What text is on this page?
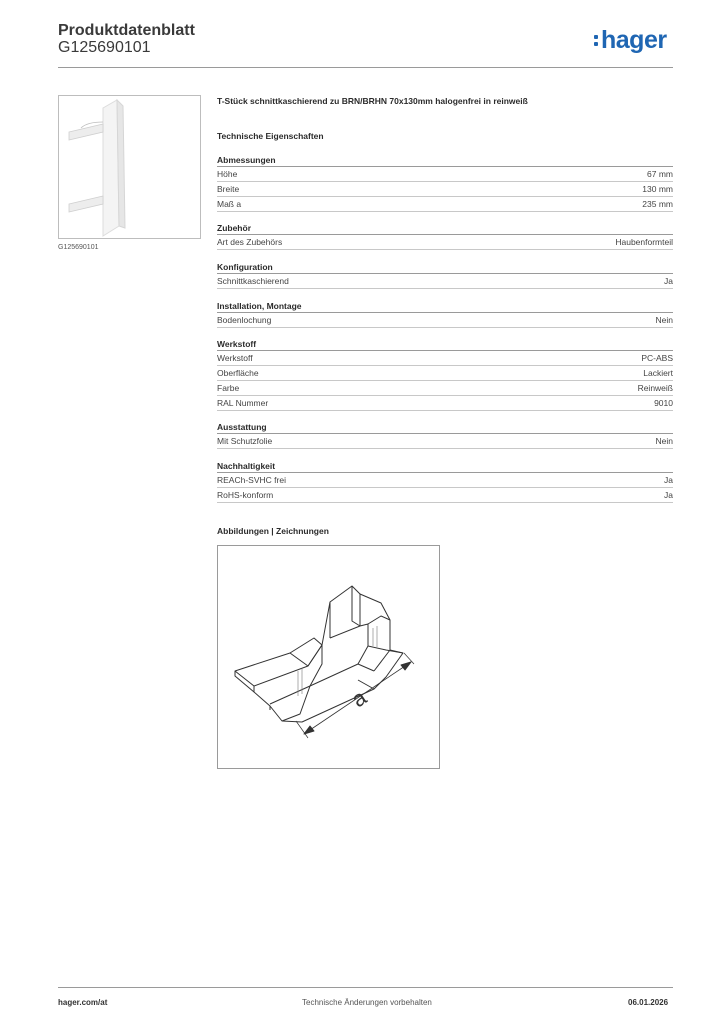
Produktdatenblatt
G125690101	hager
G125690101
T-Stück schnittkaschierend zu BRN/BRHN 70x130mm halogenfrei in reinweiß
Technische Eigenschaften
Abmessungen
Höhe	67 mm
Breite	130 mm
Maß a	235 mm
Zubehör
Art des Zubehörs	Haubenformteil
Konfiguration
Schnittkaschierend	Ja
Installation, Montage
Bodenlochung	Nein
Werkstoff
Werkstoff	PC-ABS
Oberfläche	Lackiert
Farbe	Reinweiß
RAL Nummer	9010
Ausstattung
Mit Schutzfolie	Nein
Nachhaltigkeit
REACh-SVHC frei	Ja
RoHS-konform	Ja
Abbildungen | Zeichnungen
a
hager.com/at	Technische Änderungen vorbehalten	06.01.2026
